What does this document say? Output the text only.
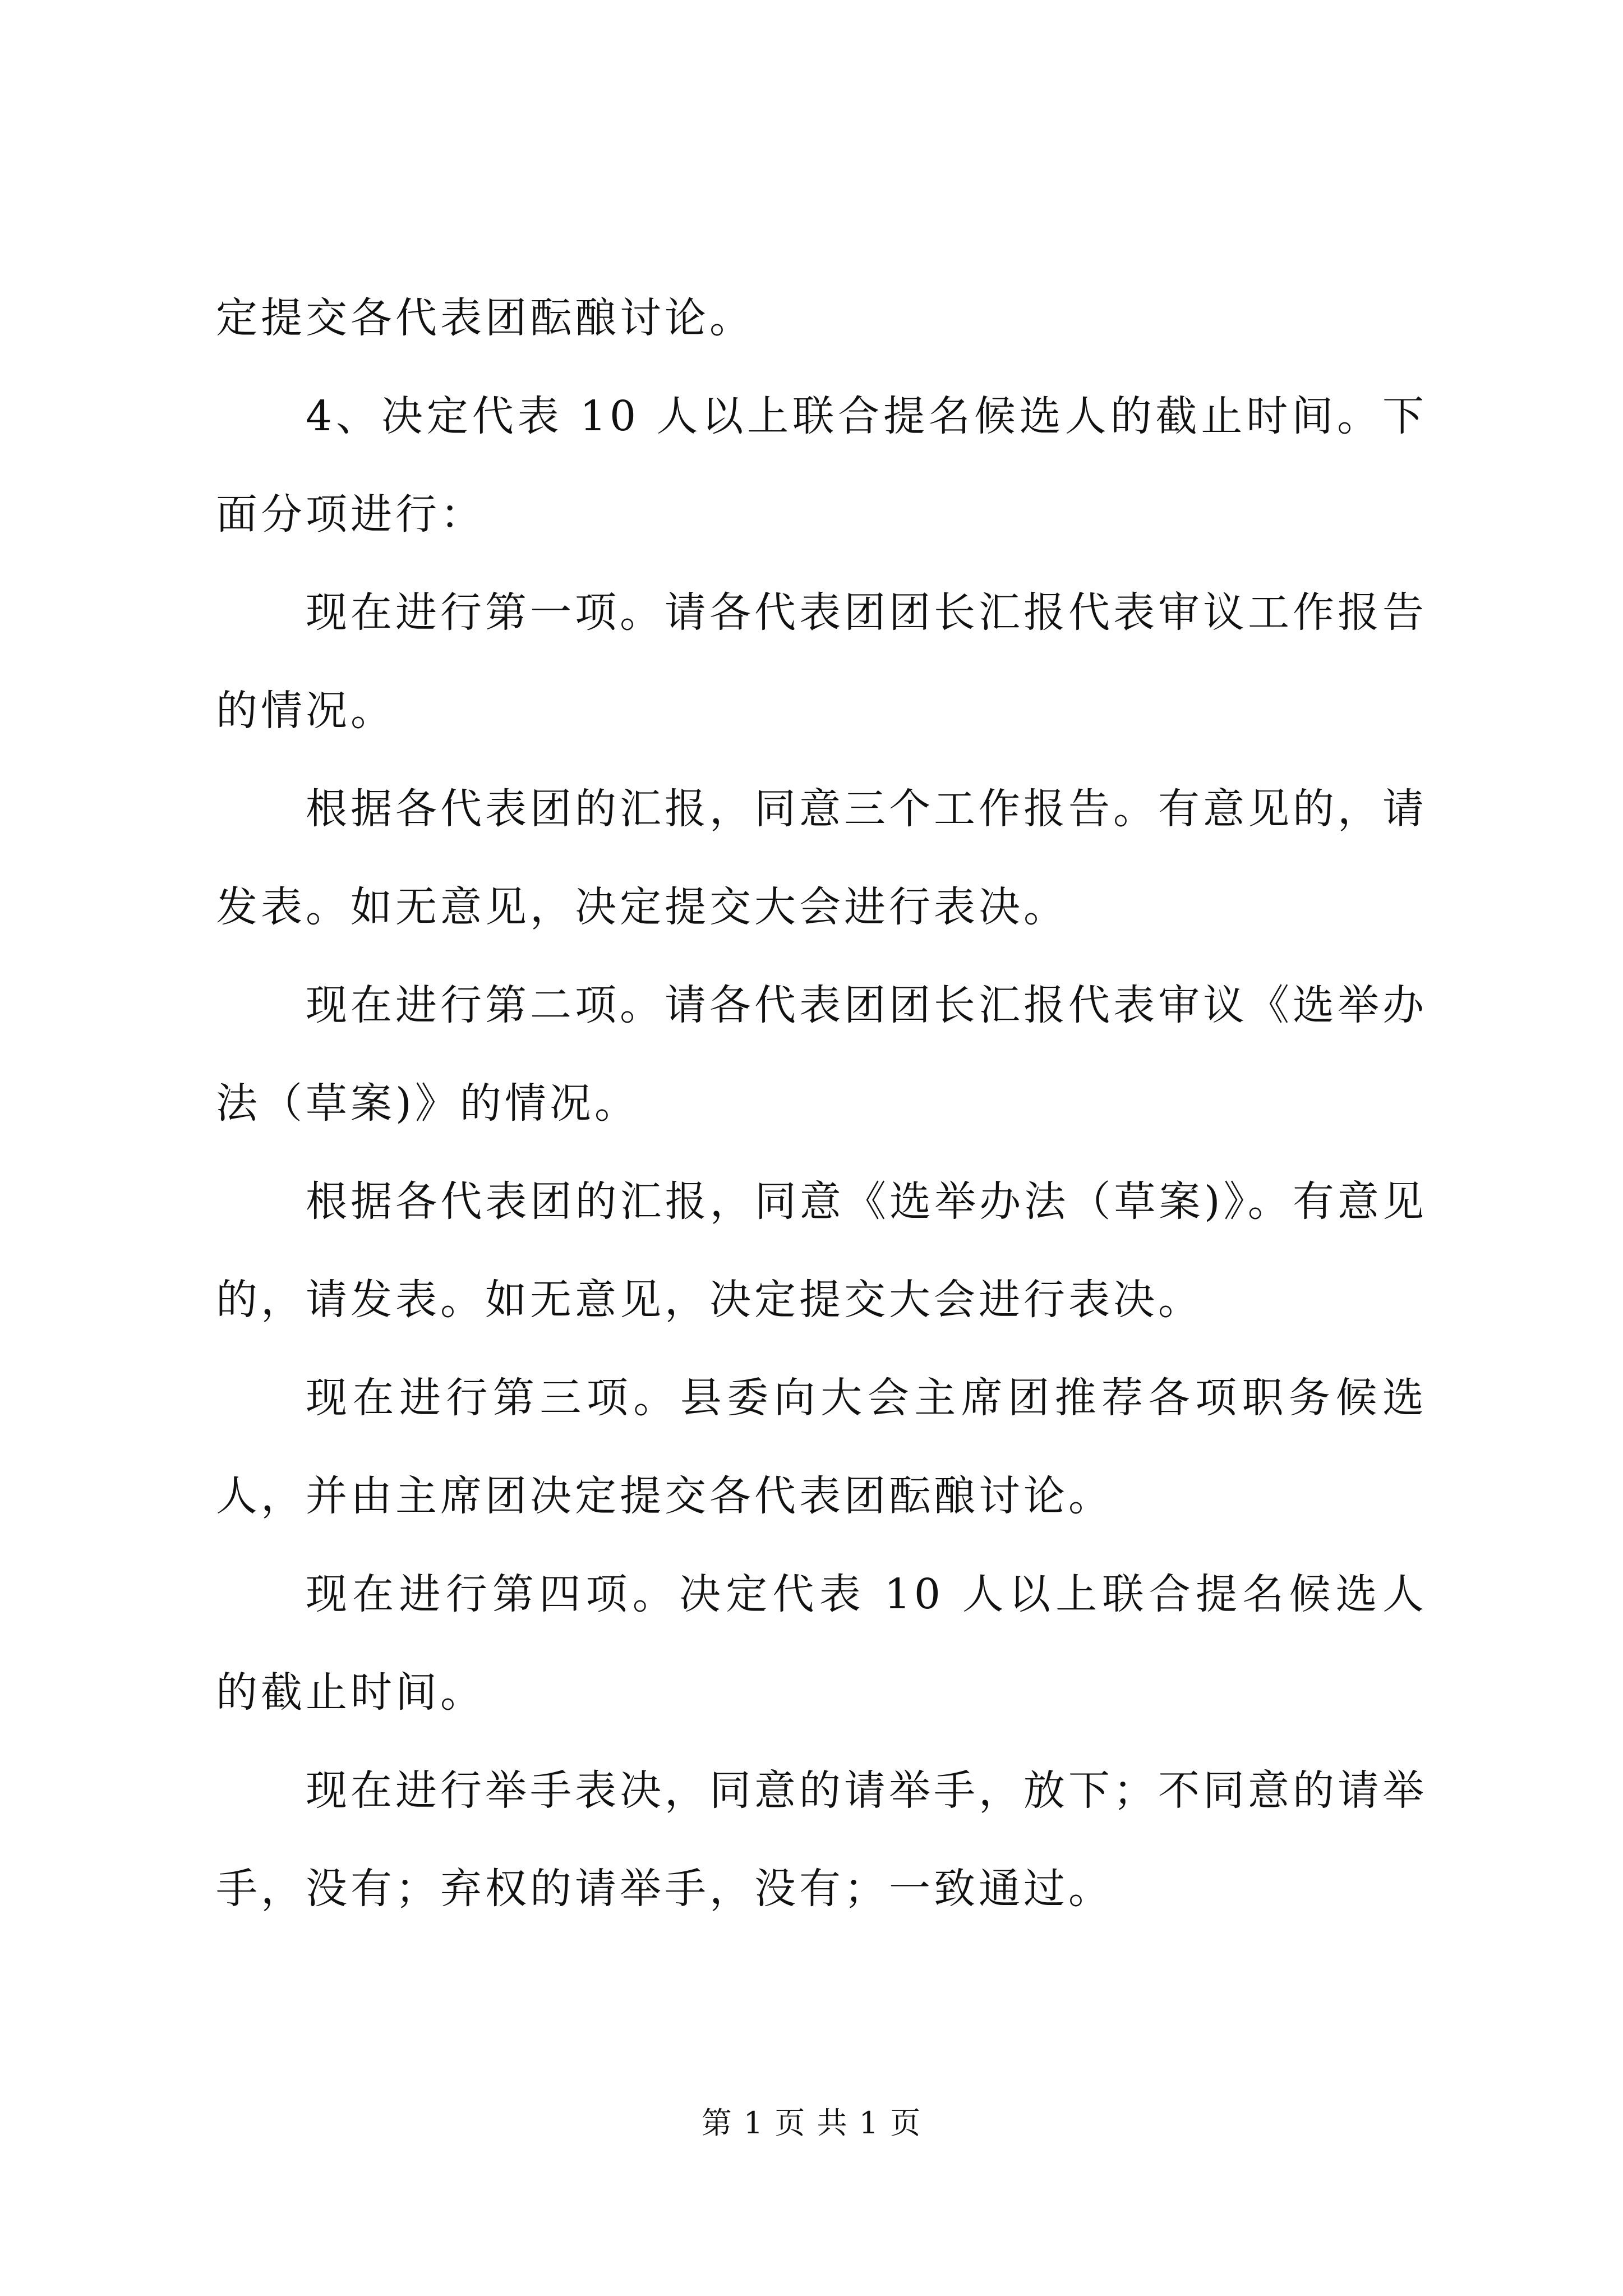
定提交各代表团酝酿讨论。

4、决定代表 10 人以上联合提名候选人的截止时间。下面分项进行：

现在进行第一项。请各代表团团长汇报代表审议工作报告的情况。

根据各代表团的汇报，同意三个工作报告。有意见的，请发表。如无意见，决定提交大会进行表决。

现在进行第二项。请各代表团团长汇报代表审议《选举办法（草案)》的情况。

根据各代表团的汇报，同意《选举办法（草案)》。有意见的，请发表。如无意见，决定提交大会进行表决。

现在进行第三项。县委向大会主席团推荐各项职务候选人，并由主席团决定提交各代表团酝酿讨论。

现在进行第四项。决定代表 10 人以上联合提名候选人的截止时间。

现在进行举手表决，同意的请举手，放下；不同意的请举手，没有；弃权的请举手，没有；一致通过。

第 1 页 共 1 页
